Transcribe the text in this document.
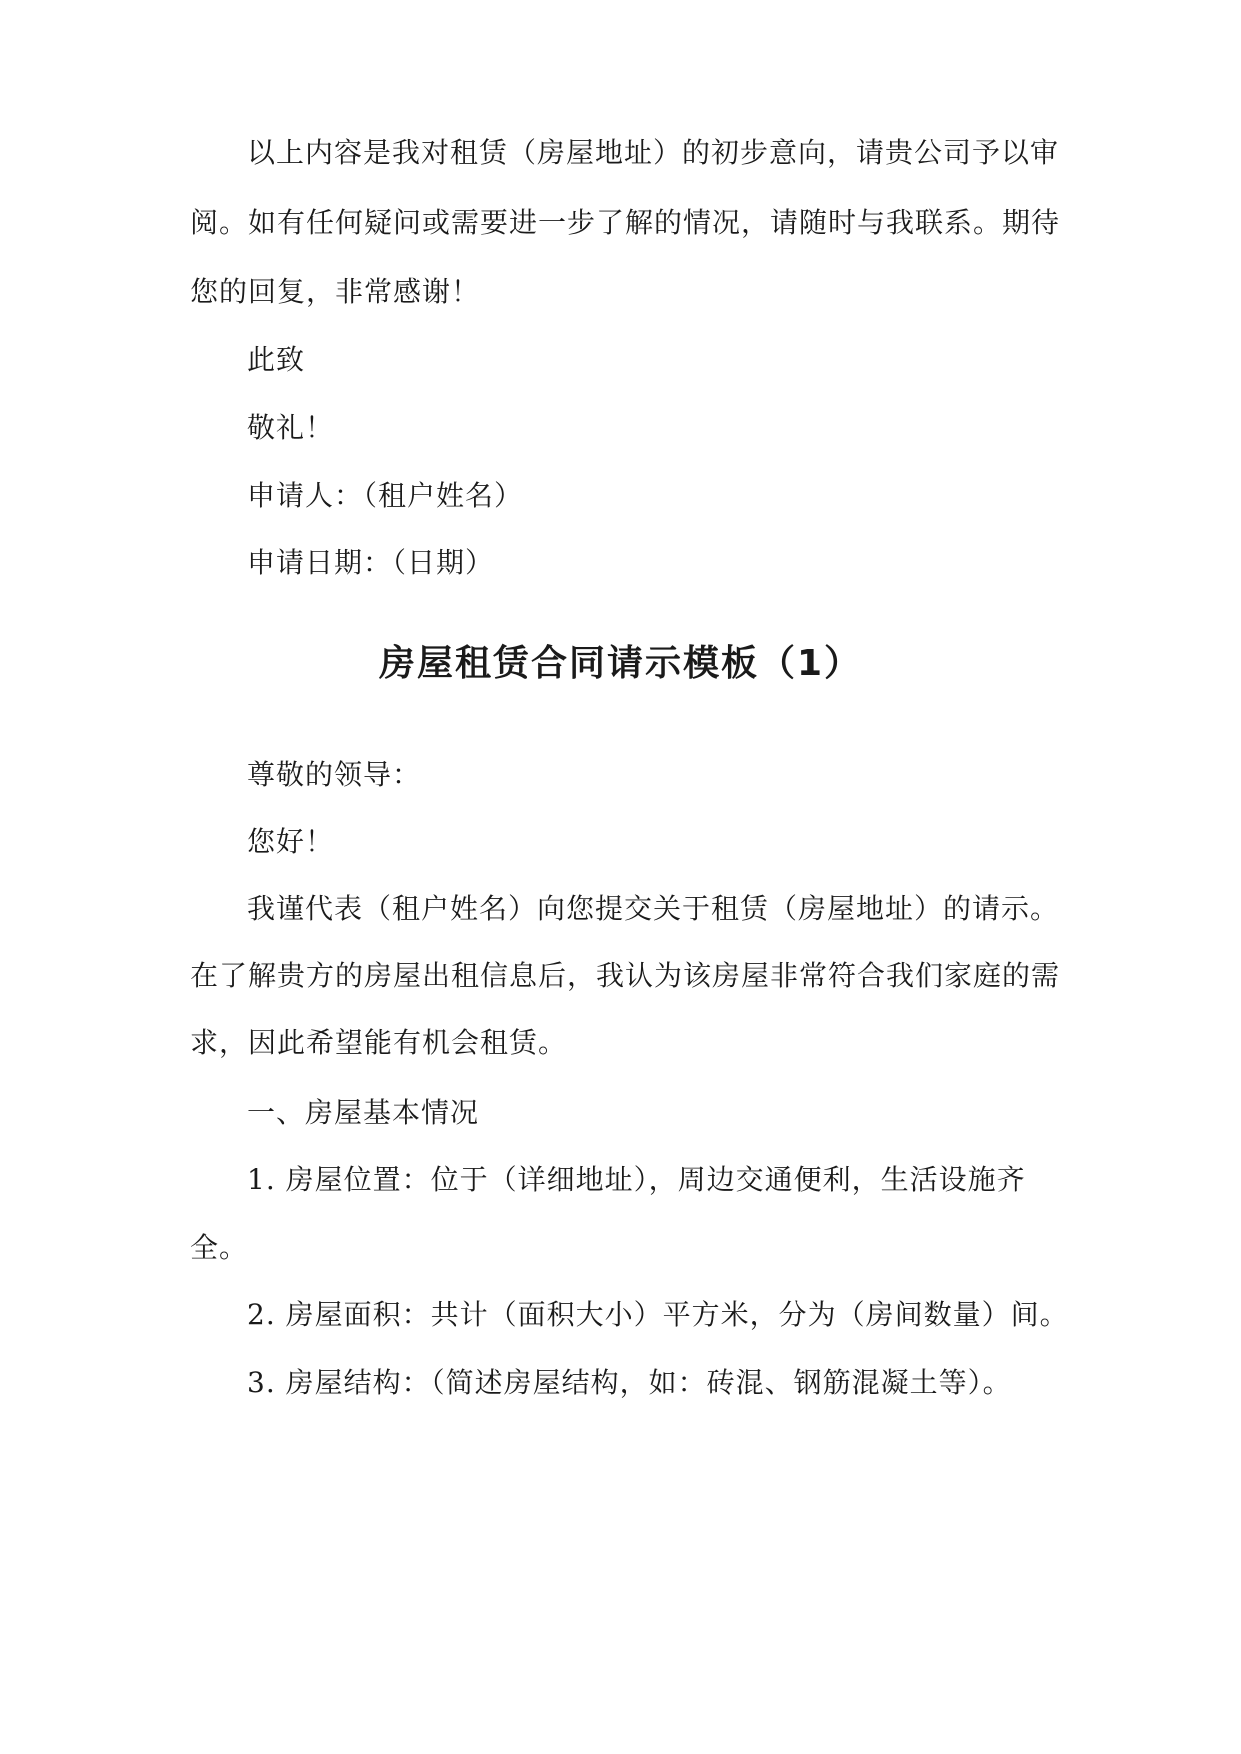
以上内容是我对租赁（房屋地址）的初步意向，请贵公司予以审
阅。如有任何疑问或需要进一步了解的情况，请随时与我联系。期待
您的回复，非常感谢！
此致
敬礼！
申请人：（租户姓名）
申请日期：（日期）
房屋租赁合同请示模板（1）
尊敬的领导：
您好！
我谨代表（租户姓名）向您提交关于租赁（房屋地址）的请示。
在了解贵方的房屋出租信息后，我认为该房屋非常符合我们家庭的需
求，因此希望能有机会租赁。
一、房屋基本情况
1. 房屋位置：位于（详细地址），周边交通便利，生活设施齐
全。
2. 房屋面积：共计（面积大小）平方米，分为（房间数量）间。
3. 房屋结构：（简述房屋结构，如：砖混、钢筋混凝土等）。
